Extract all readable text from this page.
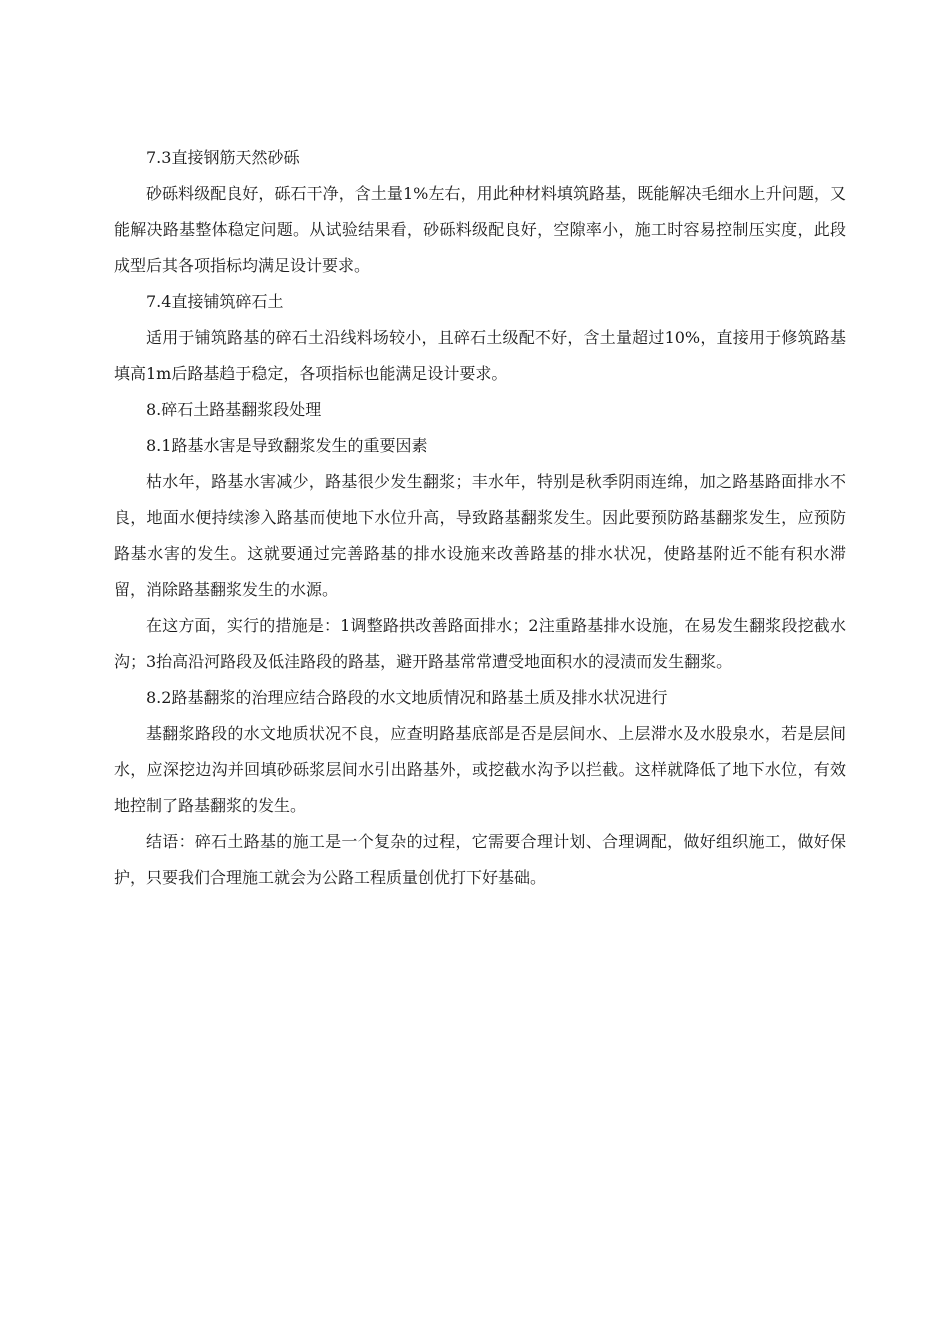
7.3直接钢筋天然砂砾

砂砾料级配良好，砾石干净，含土量1%左右，用此种材料填筑路基，既能解决毛细水上升问题，又能解决路基整体稳定问题。从试验结果看，砂砾料级配良好，空隙率小，施工时容易控制压实度，此段成型后其各项指标均满足设计要求。

7.4直接铺筑碎石土

适用于铺筑路基的碎石土沿线料场较小，且碎石土级配不好，含土量超过10%，直接用于修筑路基填高1m后路基趋于稳定，各项指标也能满足设计要求。

8.碎石土路基翻浆段处理

8.1路基水害是导致翻浆发生的重要因素

枯水年，路基水害减少，路基很少发生翻浆；丰水年，特别是秋季阴雨连绵，加之路基路面排水不良，地面水便持续渗入路基而使地下水位升高，导致路基翻浆发生。因此要预防路基翻浆发生，应预防路基水害的发生。这就要通过完善路基的排水设施来改善路基的排水状况，使路基附近不能有积水滞留，消除路基翻浆发生的水源。

在这方面，实行的措施是：1调整路拱改善路面排水；2注重路基排水设施，在易发生翻浆段挖截水沟；3抬高沿河路段及低洼路段的路基，避开路基常常遭受地面积水的浸渍而发生翻浆。

8.2路基翻浆的治理应结合路段的水文地质情况和路基土质及排水状况进行

基翻浆路段的水文地质状况不良，应查明路基底部是否是层间水、上层滞水及水股泉水，若是层间水，应深挖边沟并回填砂砾浆层间水引出路基外，或挖截水沟予以拦截。这样就降低了地下水位，有效地控制了路基翻浆的发生。

结语：碎石土路基的施工是一个复杂的过程，它需要合理计划、合理调配，做好组织施工，做好保护，只要我们合理施工就会为公路工程质量创优打下好基础。
